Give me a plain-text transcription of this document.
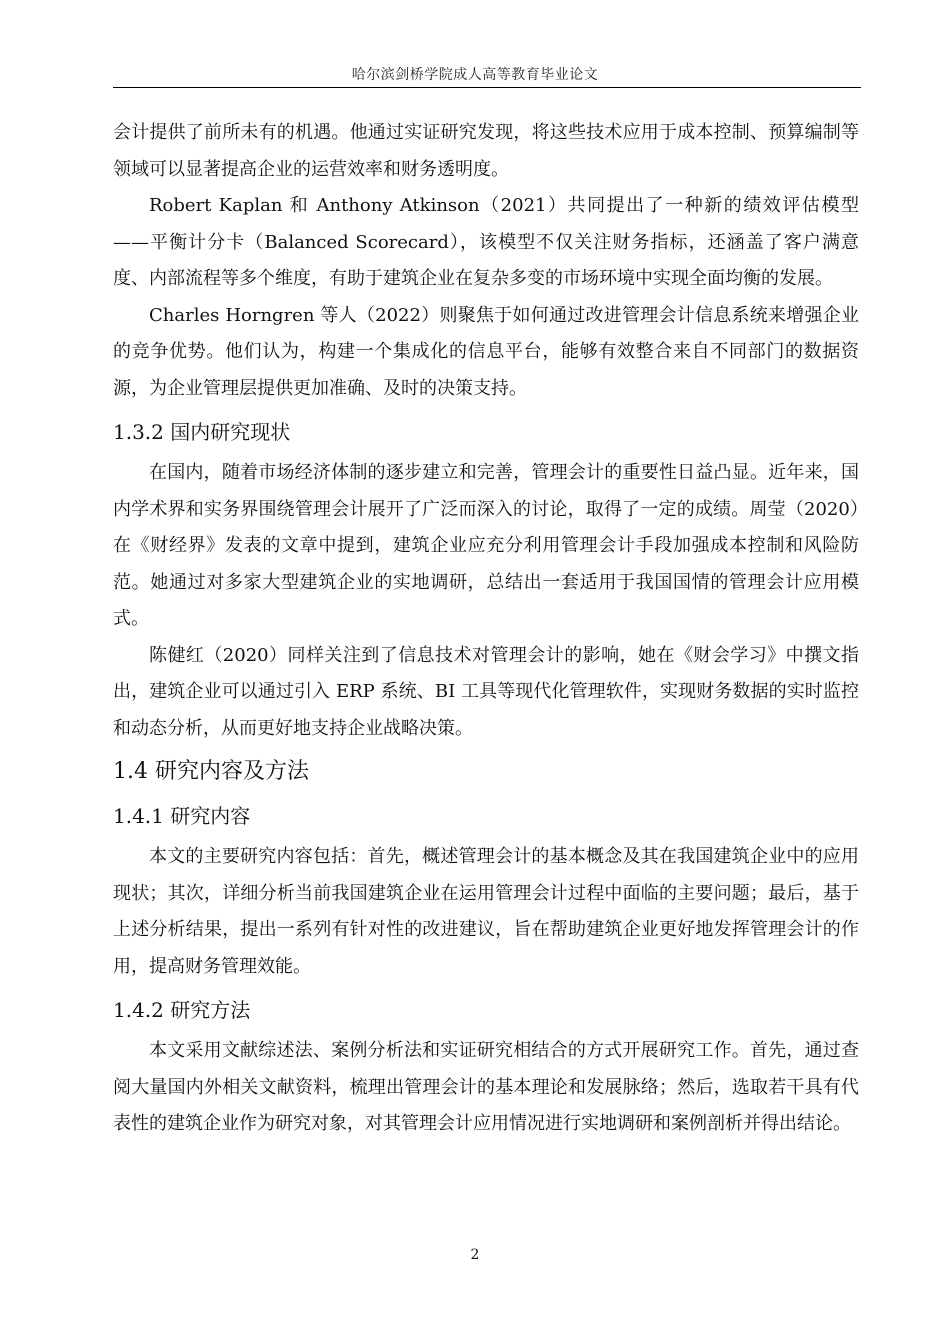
哈尔滨剑桥学院成人高等教育毕业论文

会计提供了前所未有的机遇。他通过实证研究发现，将这些技术应用于成本控制、预算编制等领域可以显著提高企业的运营效率和财务透明度。

Robert Kaplan 和 Anthony Atkinson（2021）共同提出了一种新的绩效评估模型——平衡计分卡（Balanced Scorecard），该模型不仅关注财务指标，还涵盖了客户满意度、内部流程等多个维度，有助于建筑企业在复杂多变的市场环境中实现全面均衡的发展。

Charles Horngren 等人（2022）则聚焦于如何通过改进管理会计信息系统来增强企业的竞争优势。他们认为，构建一个集成化的信息平台，能够有效整合来自不同部门的数据资源，为企业管理层提供更加准确、及时的决策支持。

1.3.2 国内研究现状

在国内，随着市场经济体制的逐步建立和完善，管理会计的重要性日益凸显。近年来，国内学术界和实务界围绕管理会计展开了广泛而深入的讨论，取得了一定的成绩。周莹（2020）在《财经界》发表的文章中提到，建筑企业应充分利用管理会计手段加强成本控制和风险防范。她通过对多家大型建筑企业的实地调研，总结出一套适用于我国国情的管理会计应用模式。

陈健红（2020）同样关注到了信息技术对管理会计的影响，她在《财会学习》中撰文指出，建筑企业可以通过引入 ERP 系统、BI 工具等现代化管理软件，实现财务数据的实时监控和动态分析，从而更好地支持企业战略决策。

1.4 研究内容及方法
1.4.1 研究内容

本文的主要研究内容包括：首先，概述管理会计的基本概念及其在我国建筑企业中的应用现状；其次，详细分析当前我国建筑企业在运用管理会计过程中面临的主要问题；最后，基于上述分析结果，提出一系列有针对性的改进建议，旨在帮助建筑企业更好地发挥管理会计的作用，提高财务管理效能。

1.4.2 研究方法

本文采用文献综述法、案例分析法和实证研究相结合的方式开展研究工作。首先，通过查阅大量国内外相关文献资料，梳理出管理会计的基本理论和发展脉络；然后，选取若干具有代表性的建筑企业作为研究对象，对其管理会计应用情况进行实地调研和案例剖析并得出结论。

2
